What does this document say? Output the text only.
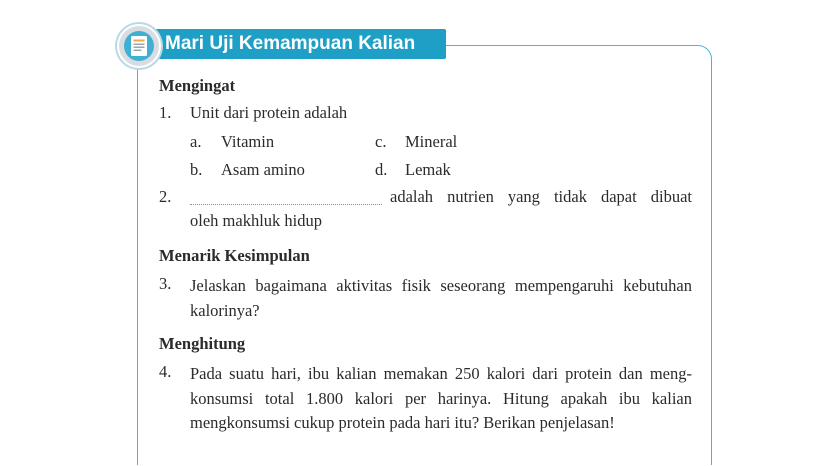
Mari Uji Kemampuan Kalian
Mengingat
1. Unit dari protein adalah
a. Vitamin	c. Mineral
b. Asam amino	d. Lemak
2.	adalah nutrien yang tidak dapat dibuat
oleh makhluk hidup
Menarik Kesimpulan
3. Jelaskan bagaimana aktivitas fisik seseorang mempengaruhi kebutuhan kalorinya?
Menghitung
4. Pada suatu hari, ibu kalian memakan 250 kalori dari protein dan mengkonsumsi total 1.800 kalori per harinya. Hitung apakah ibu kalian mengkonsumsi cukup protein pada hari itu? Berikan penjelasan!
